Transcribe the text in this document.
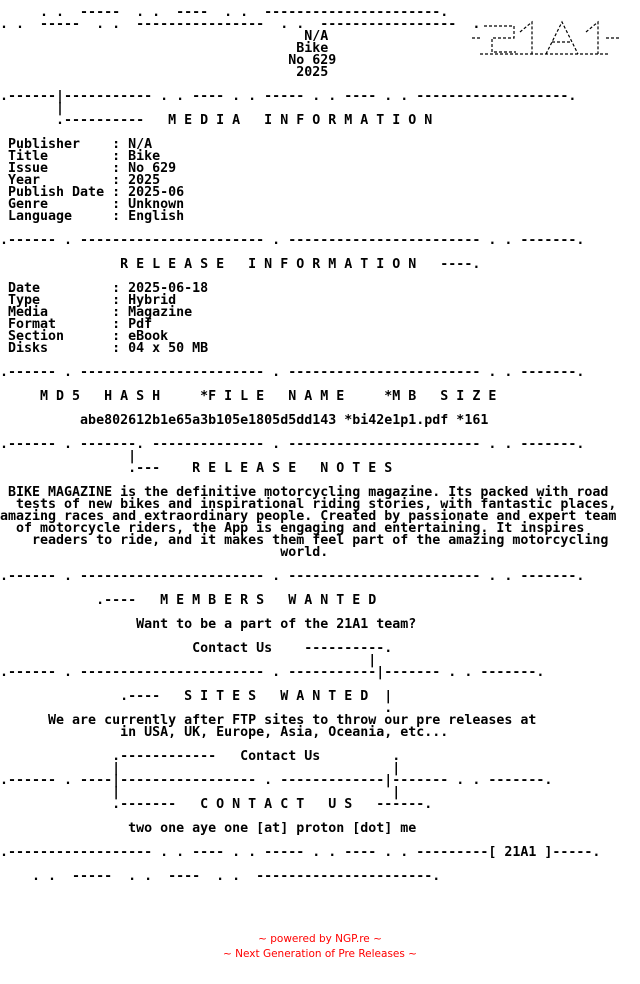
. .  -----  . .  ----  . .  ----------------------.
. .  -----  . .  ----------------  . .  -----------------  .
N/A
Bike
No 629
2025

.------|----------- . . ---- . . ----- . . ---- . . -------------------.
|
.----------   M E D I A   I N F O R M A T I O N

Publisher    : N/A
Title        : Bike
Issue        : No 629
Year         : 2025
Publish Date : 2025-06
Genre        : Unknown
Language     : English

.------ . ----------------------- . ------------------------ . . -------.

R E L E A S E   I N F O R M A T I O N   ----.

Date         : 2025-06-18
Type         : Hybrid
Media        : Magazine
Format       : Pdf
Section      : eBook
Disks        : 04 x 50 MB

.------ . ----------------------- . ------------------------ . . -------.

M D 5   H A S H     *F I L E   N A M E     *M B   S I Z E

abe802612b1e65a3b105e1805d5dd143 *bi42e1p1.pdf *161

.------ . -------. -------------- . ------------------------ . . -------.
|
.---    R E L E A S E   N O T E S

BIKE MAGAZINE is the definitive motorcycling magazine. Its packed with road
tests of new bikes and inspirational riding stories, with fantastic places,
amazing races and extraordinary people. Created by passionate and expert team
of motorcycle riders, the App is engaging and entertaining. It inspires
readers to ride, and it makes them feel part of the amazing motorcycling
world.

.------ . ----------------------- . ------------------------ . . -------.

.----   M E M B E R S   W A N T E D

Want to be a part of the 21A1 team?

Contact Us    ----------.
|
.------ . ----------------------- . -----------|------- . . -------.

.----   S I T E S   W A N T E D  |
.
We are currently after FTP sites to throw our pre releases at
in USA, UK, Europe, Asia, Oceania, etc...

.------------   Contact Us         .
|                                  |
.------ . ----|----------------- . -------------|------- . . -------.
|                                  |
.-------   C O N T A C T   U S   ------.

two one aye one [at] proton [dot] me

.------------------ . . ---- . . ----- . . ---- . . ---------[ 21A1 ]-----.

. .  -----  . .  ----  . .  ----------------------.
~ powered by NGP.re ~
~ Next Generation of Pre Releases ~
